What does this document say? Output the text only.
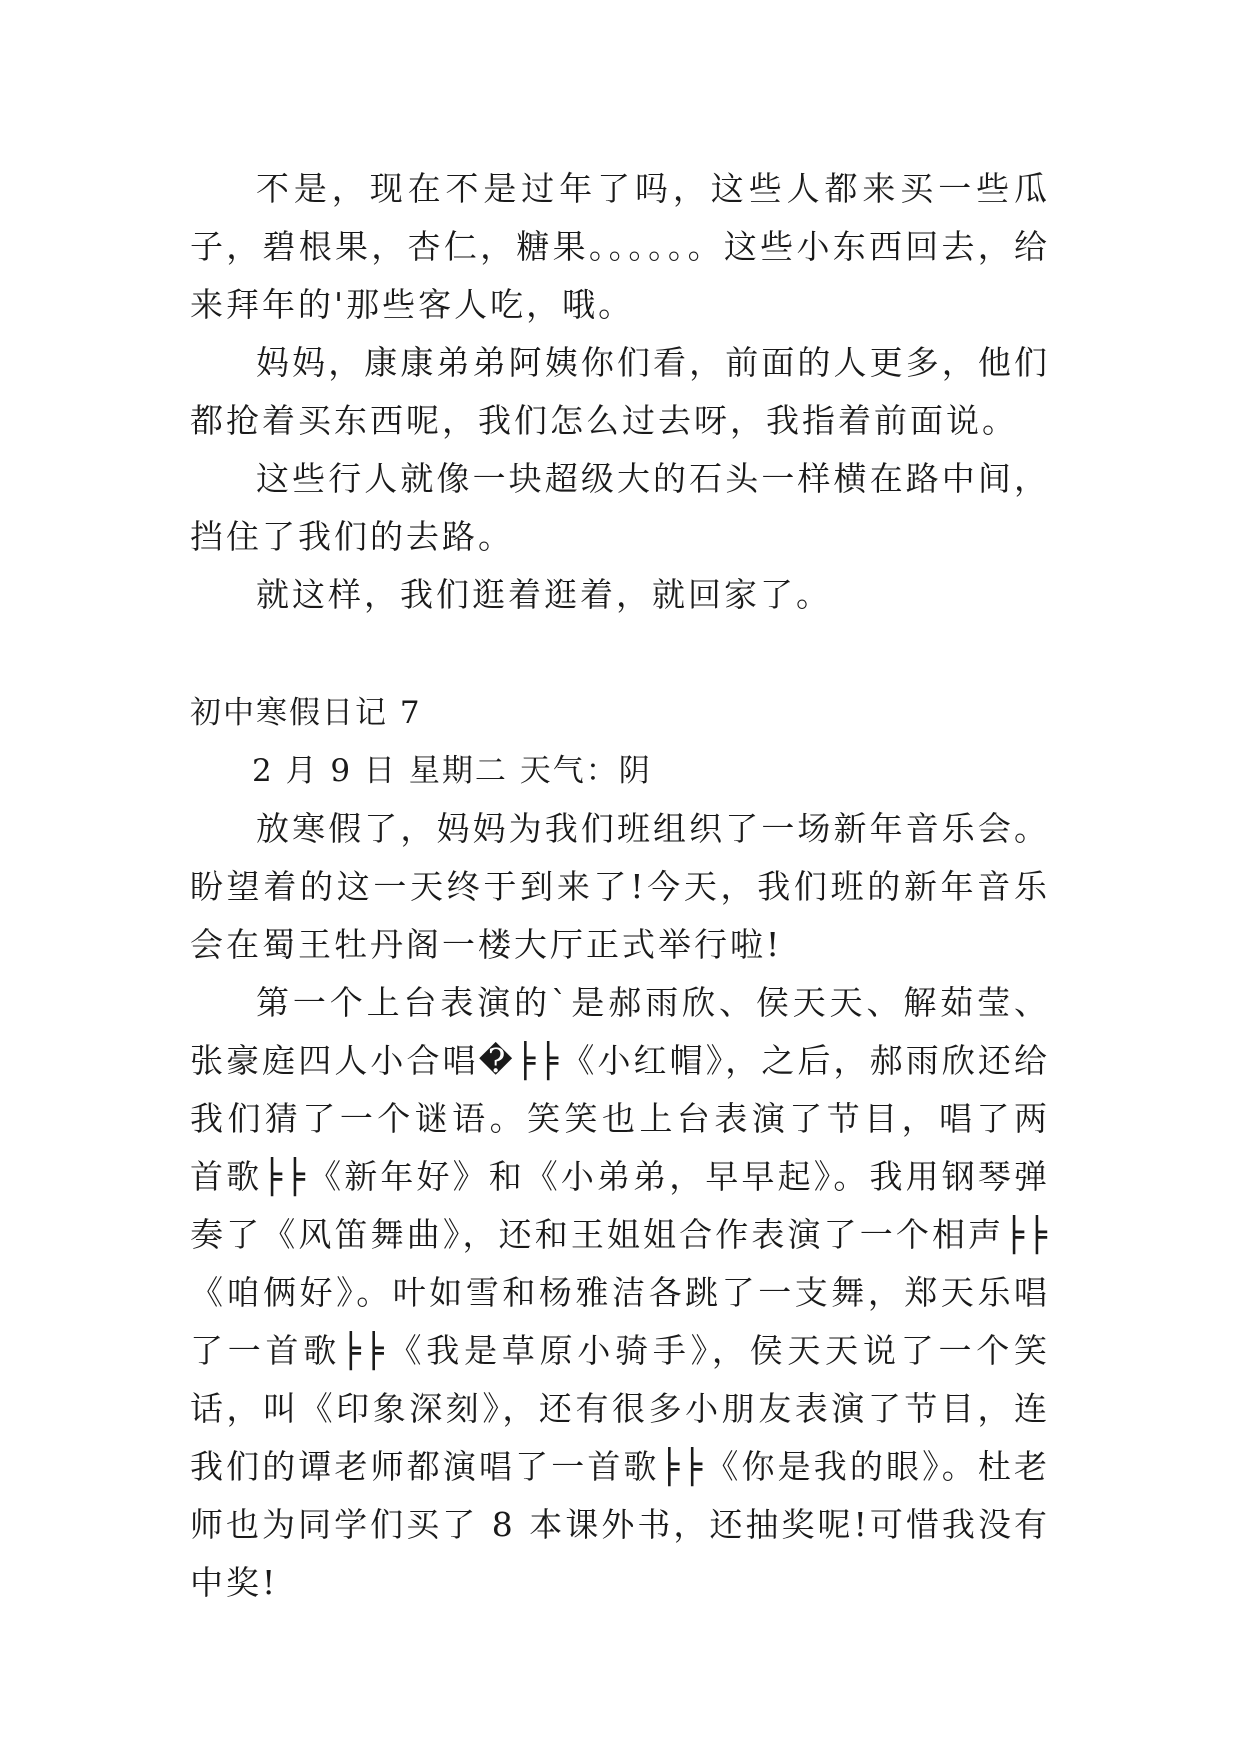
不是，现在不是过年了吗，这些人都来买一些瓜子，碧根果，杏仁，糖果。。。。。。这些小东西回去，给来拜年的'那些客人吃，哦。

妈妈，康康弟弟阿姨你们看，前面的人更多，他们都抢着买东西呢，我们怎么过去呀，我指着前面说。

这些行人就像一块超级大的石头一样横在路中间，挡住了我们的去路。

就这样，我们逛着逛着，就回家了。

初中寒假日记 7

2 月 9 日 星期二 天气：阴

放寒假了，妈妈为我们班组织了一场新年音乐会。盼望着的这一天终于到来了!今天，我们班的新年音乐会在蜀王牡丹阁一楼大厅正式举行啦!

第一个上台表演的`是郝雨欣、侯天天、解茹莹、张豪庭四人小合唱�╞╞《小红帽》，之后，郝雨欣还给我们猜了一个谜语。笑笑也上台表演了节目，唱了两首歌╞╞《新年好》和《小弟弟，早早起》。我用钢琴弹奏了《风笛舞曲》，还和王姐姐合作表演了一个相声╞╞《咱俩好》。叶如雪和杨雅洁各跳了一支舞，郑天乐唱了一首歌╞╞《我是草原小骑手》，侯天天说了一个笑话，叫《印象深刻》，还有很多小朋友表演了节目，连我们的谭老师都演唱了一首歌╞╞《你是我的眼》。杜老师也为同学们买了 8 本课外书，还抽奖呢!可惜我没有中奖!
